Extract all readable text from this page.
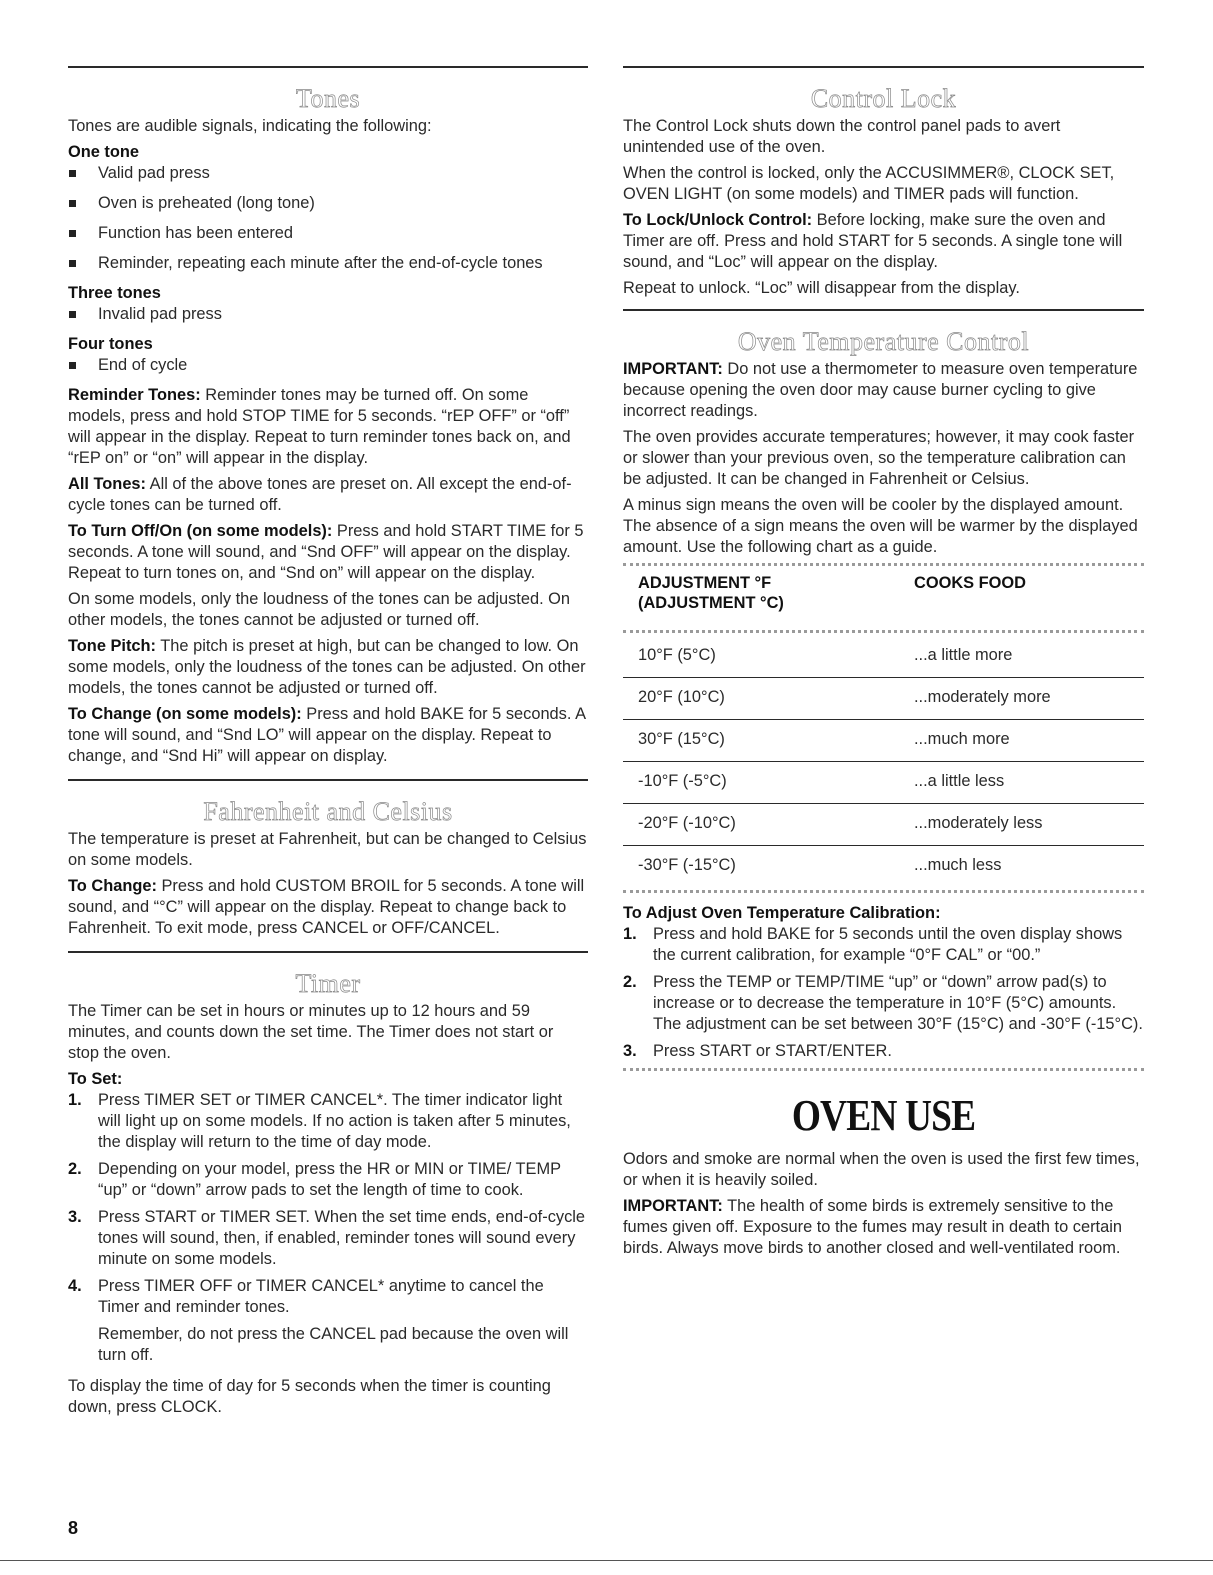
Tones

Tones are audible signals, indicating the following:

One tone
Valid pad press
Oven is preheated (long tone)
Function has been entered
Reminder, repeating each minute after the end-of-cycle tones
Three tones
Invalid pad press
Four tones
End of cycle

Reminder Tones: Reminder tones may be turned off. On some models, press and hold STOP TIME for 5 seconds. “rEP OFF” or “off” will appear in the display. Repeat to turn reminder tones back on, and “rEP on” or “on” will appear in the display.

All Tones: All of the above tones are preset on. All except the end-of-cycle tones can be turned off.

To Turn Off/On (on some models): Press and hold START TIME for 5 seconds. A tone will sound, and “Snd OFF” will appear on the display. Repeat to turn tones on, and “Snd on” will appear on the display.

On some models, only the loudness of the tones can be adjusted. On other models, the tones cannot be adjusted or turned off.

Tone Pitch: The pitch is preset at high, but can be changed to low. On some models, only the loudness of the tones can be adjusted. On other models, the tones cannot be adjusted or turned off.

To Change (on some models): Press and hold BAKE for 5 seconds. A tone will sound, and “Snd LO” will appear on the display. Repeat to change, and “Snd Hi” will appear on display.

Fahrenheit and Celsius

The temperature is preset at Fahrenheit, but can be changed to Celsius on some models.

To Change: Press and hold CUSTOM BROIL for 5 seconds. A tone will sound, and “°C” will appear on the display. Repeat to change back to Fahrenheit. To exit mode, press CANCEL or OFF/CANCEL.

Timer

The Timer can be set in hours or minutes up to 12 hours and 59 minutes, and counts down the set time. The Timer does not start or stop the oven.

To Set:
1. Press TIMER SET or TIMER CANCEL*. The timer indicator light will light up on some models. If no action is taken after 5 minutes, the display will return to the time of day mode.
2. Depending on your model, press the HR or MIN or TIME/ TEMP “up” or “down” arrow pads to set the length of time to cook.
3. Press START or TIMER SET. When the set time ends, end-of-cycle tones will sound, then, if enabled, reminder tones will sound every minute on some models.
4. Press TIMER OFF or TIMER CANCEL* anytime to cancel the Timer and reminder tones.

Remember, do not press the CANCEL pad because the oven will turn off.

To display the time of day for 5 seconds when the timer is counting down, press CLOCK.

Control Lock

The Control Lock shuts down the control panel pads to avert unintended use of the oven.

When the control is locked, only the ACCUSIMMER®, CLOCK SET, OVEN LIGHT (on some models) and TIMER pads will function.

To Lock/Unlock Control: Before locking, make sure the oven and Timer are off. Press and hold START for 5 seconds. A single tone will sound, and “Loc” will appear on the display.

Repeat to unlock. “Loc” will disappear from the display.

Oven Temperature Control

IMPORTANT: Do not use a thermometer to measure oven temperature because opening the oven door may cause burner cycling to give incorrect readings.

The oven provides accurate temperatures; however, it may cook faster or slower than your previous oven, so the temperature calibration can be adjusted. It can be changed in Fahrenheit or Celsius.

A minus sign means the oven will be cooler by the displayed amount. The absence of a sign means the oven will be warmer by the displayed amount. Use the following chart as a guide.

ADJUSTMENT °F
(ADJUSTMENT °C)	COOKS FOOD
10°F (5°C)	...a little more
20°F (10°C)	...moderately more
30°F (15°C)	...much more
-10°F (-5°C)	...a little less
-20°F (-10°C)	...moderately less
-30°F (-15°C)	...much less
To Adjust Oven Temperature Calibration:
1. Press and hold BAKE for 5 seconds until the oven display shows the current calibration, for example “0°F CAL” or “00.”
2. Press the TEMP or TEMP/TIME “up” or “down” arrow pad(s) to increase or to decrease the temperature in 10°F (5°C) amounts. The adjustment can be set between 30°F (15°C) and -30°F (-15°C).
3. Press START or START/ENTER.
OVEN USE

Odors and smoke are normal when the oven is used the first few times, or when it is heavily soiled.

IMPORTANT: The health of some birds is extremely sensitive to the fumes given off. Exposure to the fumes may result in death to certain birds. Always move birds to another closed and well-ventilated room.

8
